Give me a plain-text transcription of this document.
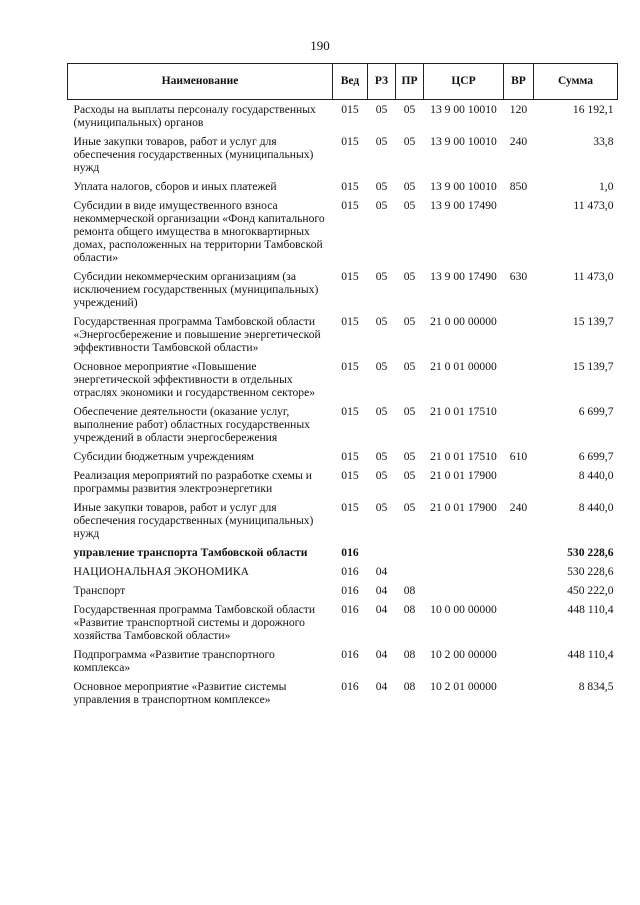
190
Наименование	Вед	РЗ	ПР	ЦСР	ВР	Сумма
Расходы на выплаты персоналу государственных (муниципальных) органов	015	05	05	13 9 00 10010	120	16 192,1
Иные закупки товаров, работ и услуг для обеспечения государственных (муниципальных) нужд	015	05	05	13 9 00 10010	240	33,8
Уплата налогов, сборов и иных платежей	015	05	05	13 9 00 10010	850	1,0
Субсидии в виде имущественного взноса некоммерческой организации «Фонд капитального ремонта общего имущества в многоквартирных домах, расположенных на территории Тамбовской области»	015	05	05	13 9 00 17490		11 473,0
Субсидии некоммерческим организациям (за исключением государственных (муниципальных) учреждений)	015	05	05	13 9 00 17490	630	11 473,0
Государственная программа Тамбовской области «Энергосбережение и повышение энергетической эффективности Тамбовской области»	015	05	05	21 0 00 00000		15 139,7
Основное мероприятие «Повышение энергетической эффективности в отдельных отраслях экономики и государственном секторе»	015	05	05	21 0 01 00000		15 139,7
Обеспечение деятельности (оказание услуг, выполнение работ) областных государственных учреждений в области энергосбережения	015	05	05	21 0 01 17510		6 699,7
Субсидии бюджетным учреждениям	015	05	05	21 0 01 17510	610	6 699,7
Реализация мероприятий по разработке схемы и программы развития электроэнергетики	015	05	05	21 0 01 17900		8 440,0
Иные закупки товаров, работ и услуг для обеспечения государственных (муниципальных) нужд	015	05	05	21 0 01 17900	240	8 440,0
управление транспорта Тамбовской области	016					530 228,6
НАЦИОНАЛЬНАЯ ЭКОНОМИКА	016	04				530 228,6
Транспорт	016	04	08			450 222,0
Государственная программа Тамбовской области «Развитие транспортной системы и дорожного хозяйства Тамбовской области»	016	04	08	10 0 00 00000		448 110,4
Подпрограмма «Развитие транспортного комплекса»	016	04	08	10 2 00 00000		448 110,4
Основное мероприятие «Развитие системы управления в транспортном комплексе»	016	04	08	10 2 01 00000		8 834,5
